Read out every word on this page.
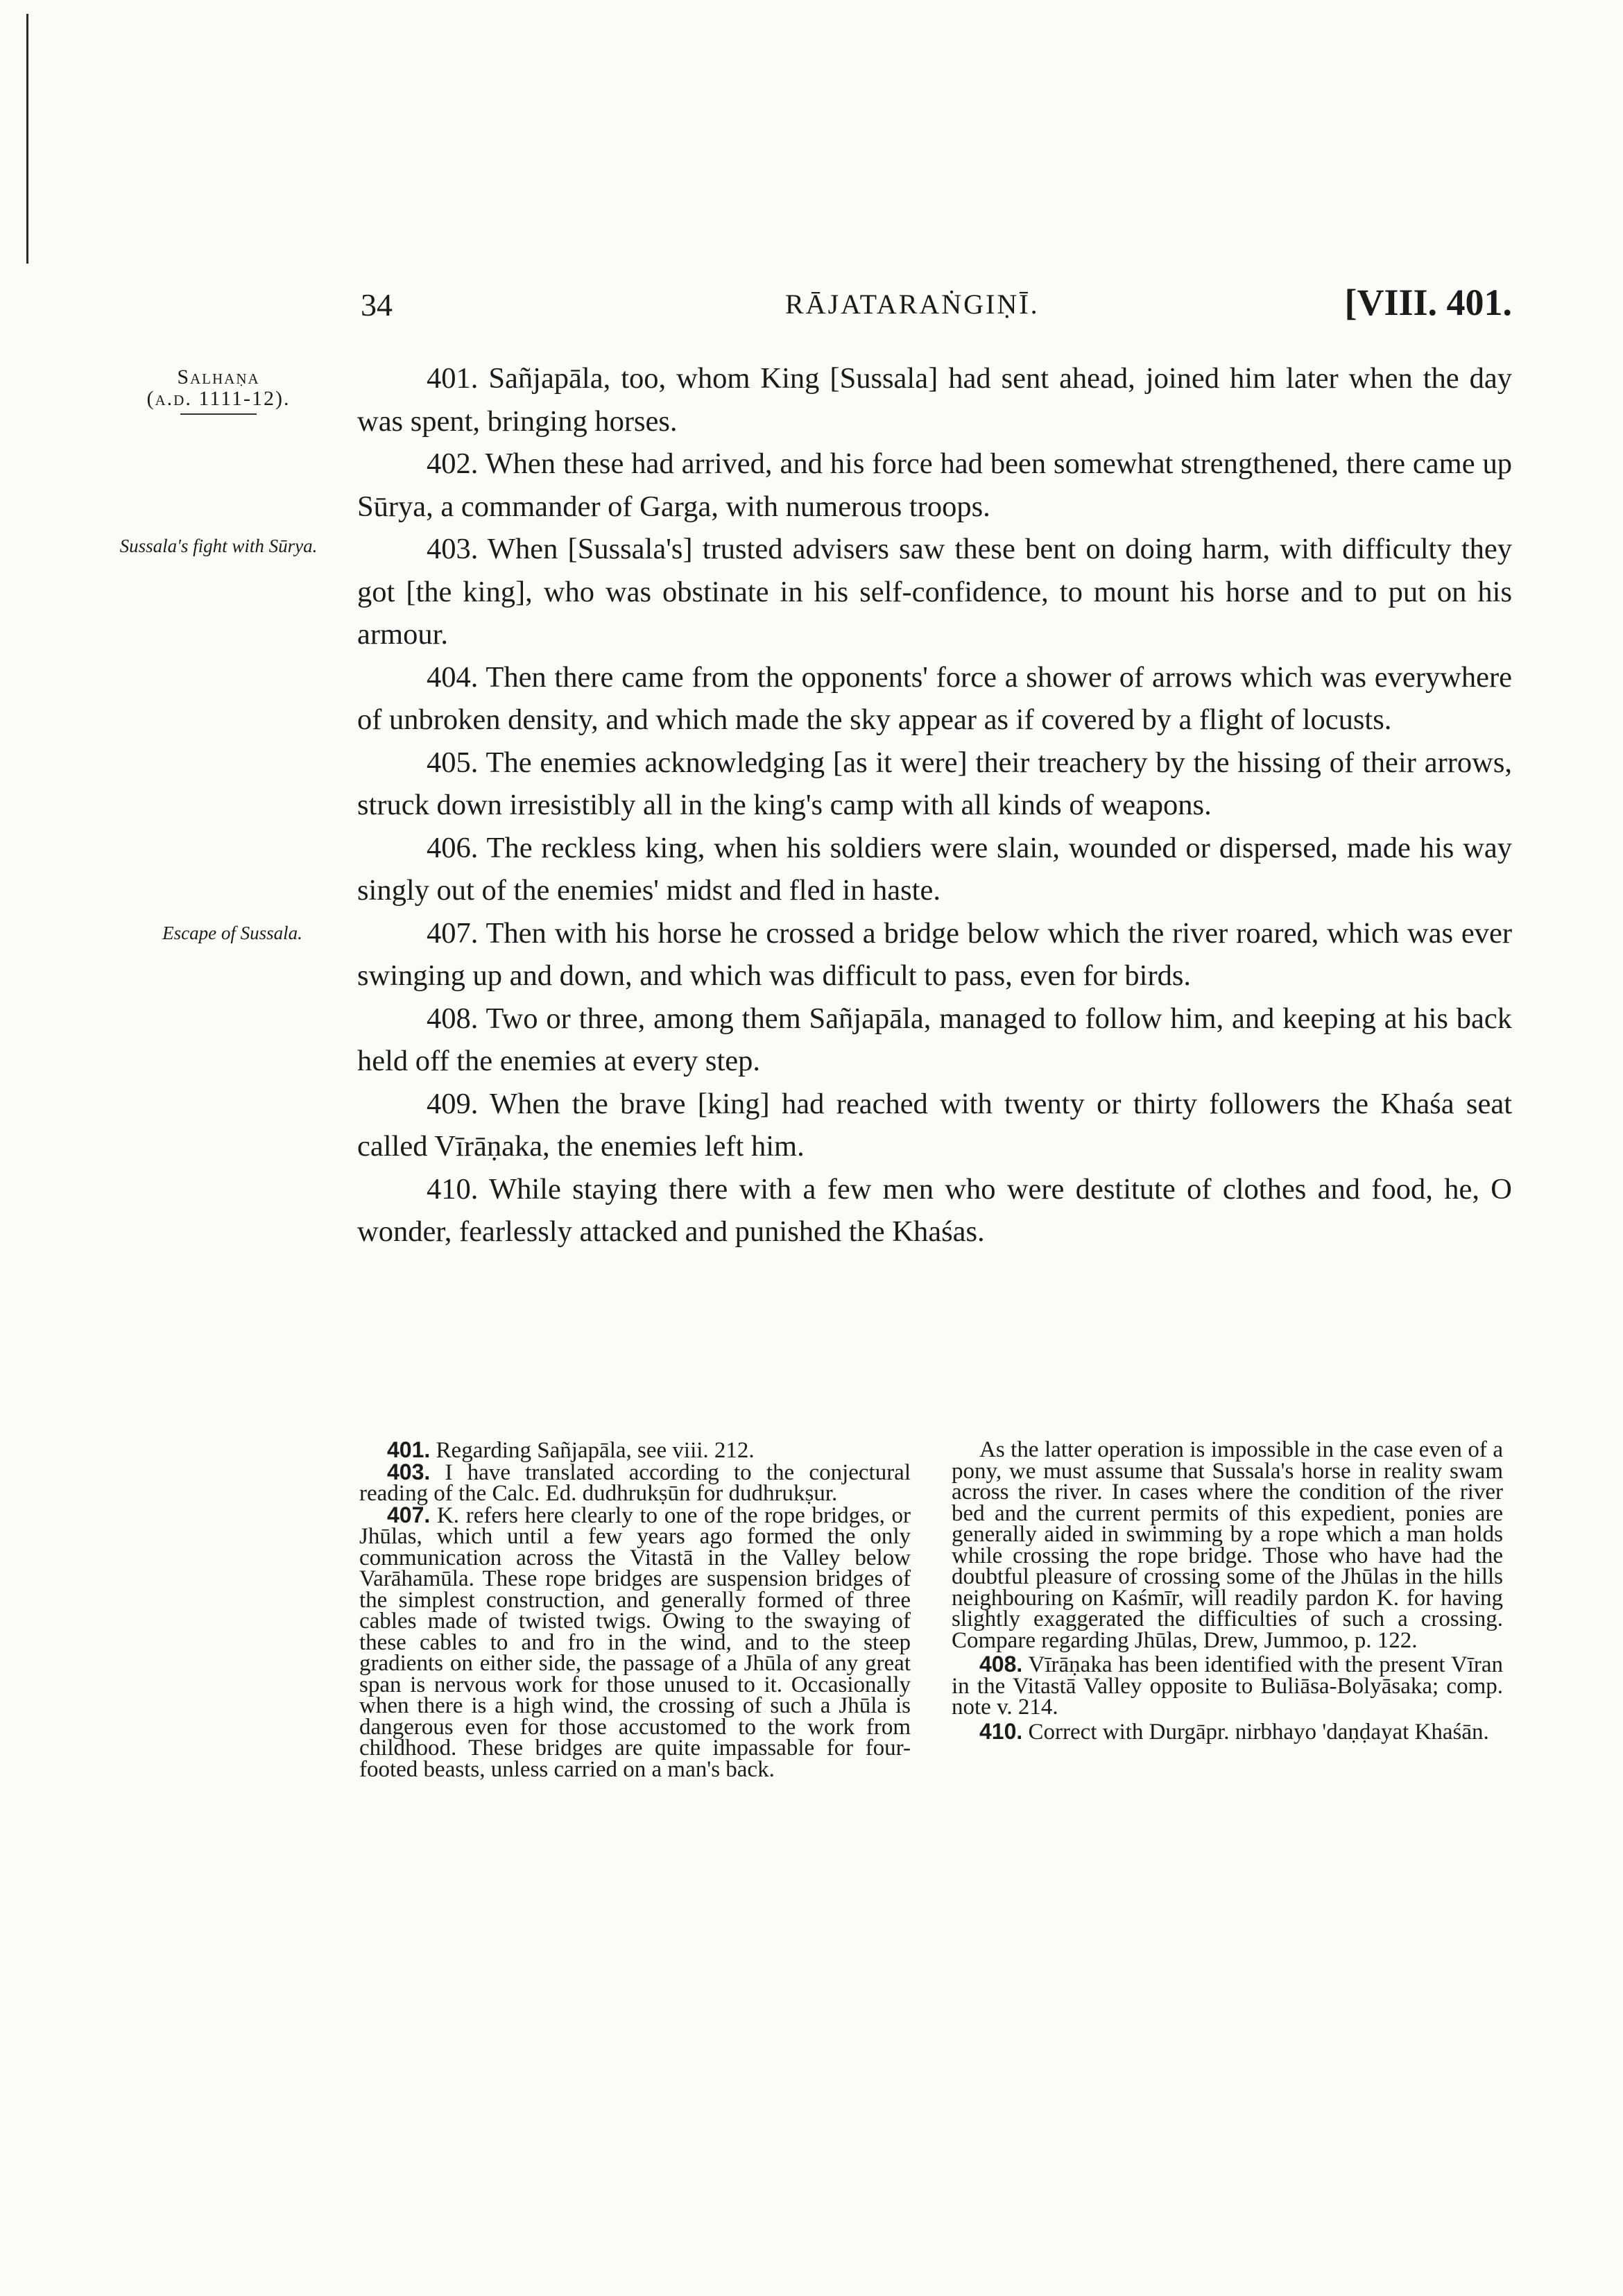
34	RĀJATARAṄGIṆĪ.	[VIII. 401.
Salhaṇa
(a.d. 1111-12).
Sussala's fight with Sūrya.
Escape of Sussala.

401. Sañjapāla, too, whom King [Sussala] had sent ahead, joined him later when the day was spent, bringing horses.

402. When these had arrived, and his force had been somewhat strengthened, there came up Sūrya, a commander of Garga, with numerous troops.

403. When [Sussala's] trusted advisers saw these bent on doing harm, with difficulty they got [the king], who was obstinate in his self-confidence, to mount his horse and to put on his armour.

404. Then there came from the opponents' force a shower of arrows which was everywhere of unbroken density, and which made the sky appear as if covered by a flight of locusts.

405. The enemies acknowledging [as it were] their treachery by the hissing of their arrows, struck down irresistibly all in the king's camp with all kinds of weapons.

406. The reckless king, when his soldiers were slain, wounded or dispersed, made his way singly out of the enemies' midst and fled in haste.

407. Then with his horse he crossed a bridge below which the river roared, which was ever swinging up and down, and which was difficult to pass, even for birds.

408. Two or three, among them Sañjapāla, managed to follow him, and keeping at his back held off the enemies at every step.

409. When the brave [king] had reached with twenty or thirty followers the Khaśa seat called Vīrāṇaka, the enemies left him.

410. While staying there with a few men who were destitute of clothes and food, he, O wonder, fearlessly attacked and punished the Khaśas.

401. Regarding Sañjapāla, see viii. 212.

403. I have translated according to the conjectural reading of the Calc. Ed. dudhrukṣūn for dudhrukṣur.

407. K. refers here clearly to one of the rope bridges, or Jhūlas, which until a few years ago formed the only communication across the Vitastā in the Valley below Varāhamūla. These rope bridges are suspension bridges of the simplest construction, and generally formed of three cables made of twisted twigs. Owing to the swaying of these cables to and fro in the wind, and to the steep gradients on either side, the passage of a Jhūla of any great span is nervous work for those unused to it. Occasionally when there is a high wind, the crossing of such a Jhūla is dangerous even for those accustomed to the work from childhood. These bridges are quite impassable for four-footed beasts, unless carried on a man's back.

As the latter operation is impossible in the case even of a pony, we must assume that Sussala's horse in reality swam across the river. In cases where the condition of the river bed and the current permits of this expedient, ponies are generally aided in swimming by a rope which a man holds while crossing the rope bridge. Those who have had the doubtful pleasure of crossing some of the Jhūlas in the hills neighbouring on Kaśmīr, will readily pardon K. for having slightly exaggerated the difficulties of such a crossing. Compare regarding Jhūlas, Drew, Jummoo, p. 122.

408. Vīrāṇaka has been identified with the present Vīran in the Vitastā Valley opposite to Buliāsa-Bolyāsaka; comp. note v. 214.

410. Correct with Durgāpr. nirbhayo 'daṇḍayat Khaśān.
